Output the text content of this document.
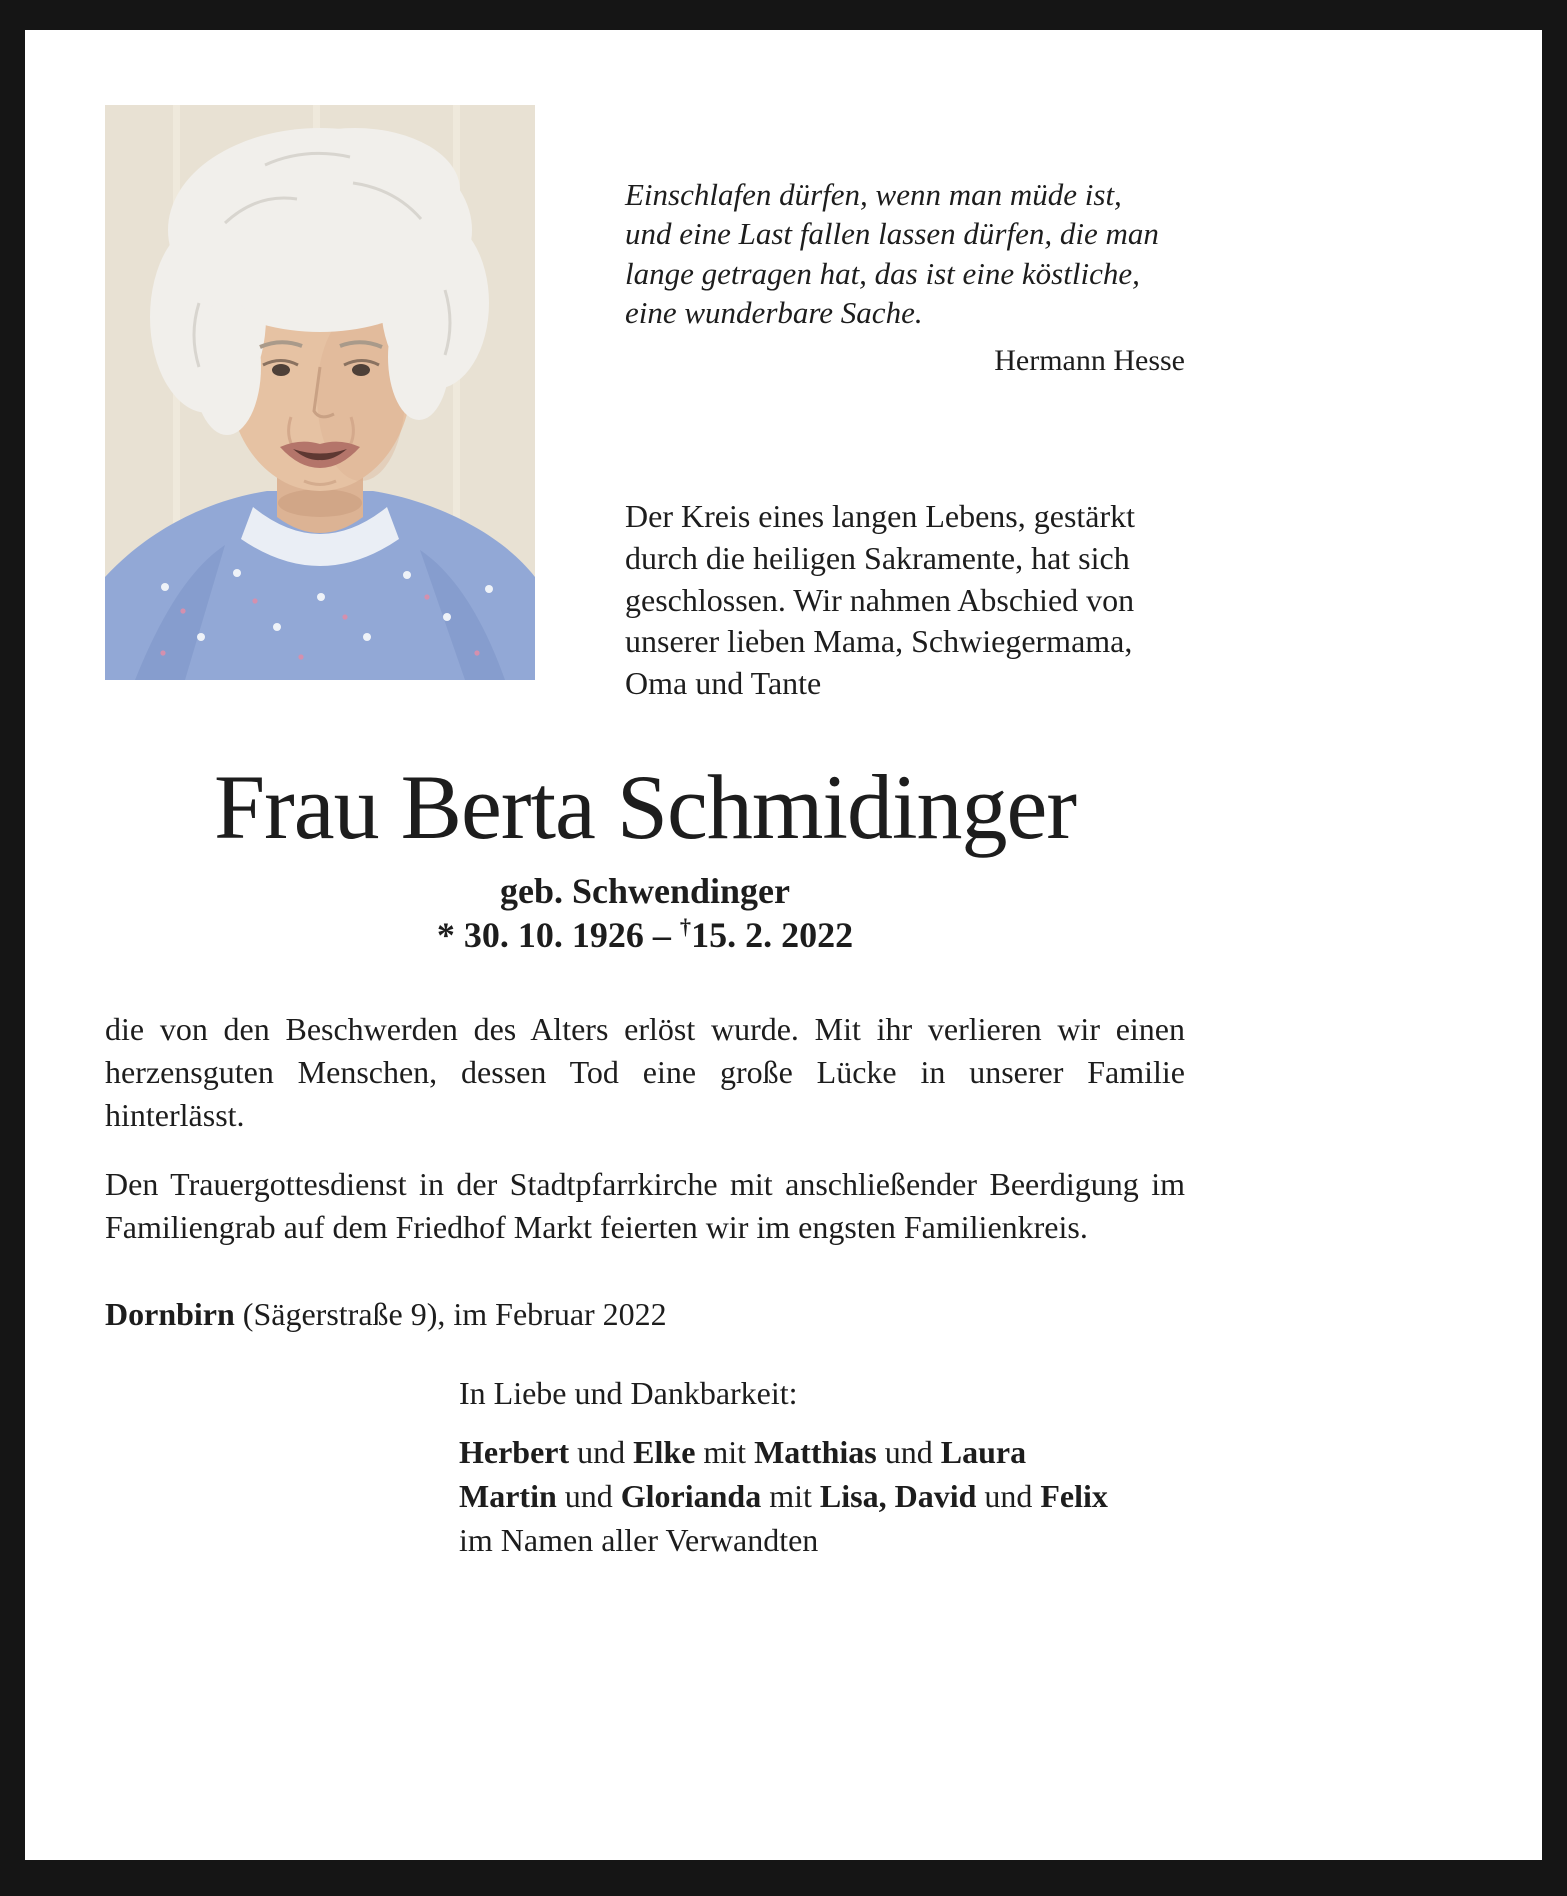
Einschlafen dürfen, wenn man müde ist,
und eine Last fallen lassen dürfen, die man
lange getragen hat, das ist eine köstliche,
eine wunderbare Sache.
Hermann Hesse

Der Kreis eines langen Lebens, gestärkt durch die heiligen Sakramente, hat sich geschlossen. Wir nahmen Abschied von unserer lieben Mama, Schwiegermama, Oma und Tante

Frau Berta Schmidinger

geb. Schwendinger

* 30. 10. 1926 – †15. 2. 2022

die von den Beschwerden des Alters erlöst wurde. Mit ihr verlieren wir einen herzensguten Menschen, dessen Tod eine große Lücke in unserer Familie hinterlässt.

Den Trauergottesdienst in der Stadtpfarrkirche mit anschließender Beerdigung im Familiengrab auf dem Friedhof Markt feierten wir im engsten Familienkreis.

Dornbirn (Sägerstraße 9), im Februar 2022

In Liebe und Dankbarkeit:

Herbert und Elke mit Matthias und Laura

Martin und Glorianda mit Lisa, David und Felix

im Namen aller Verwandten
